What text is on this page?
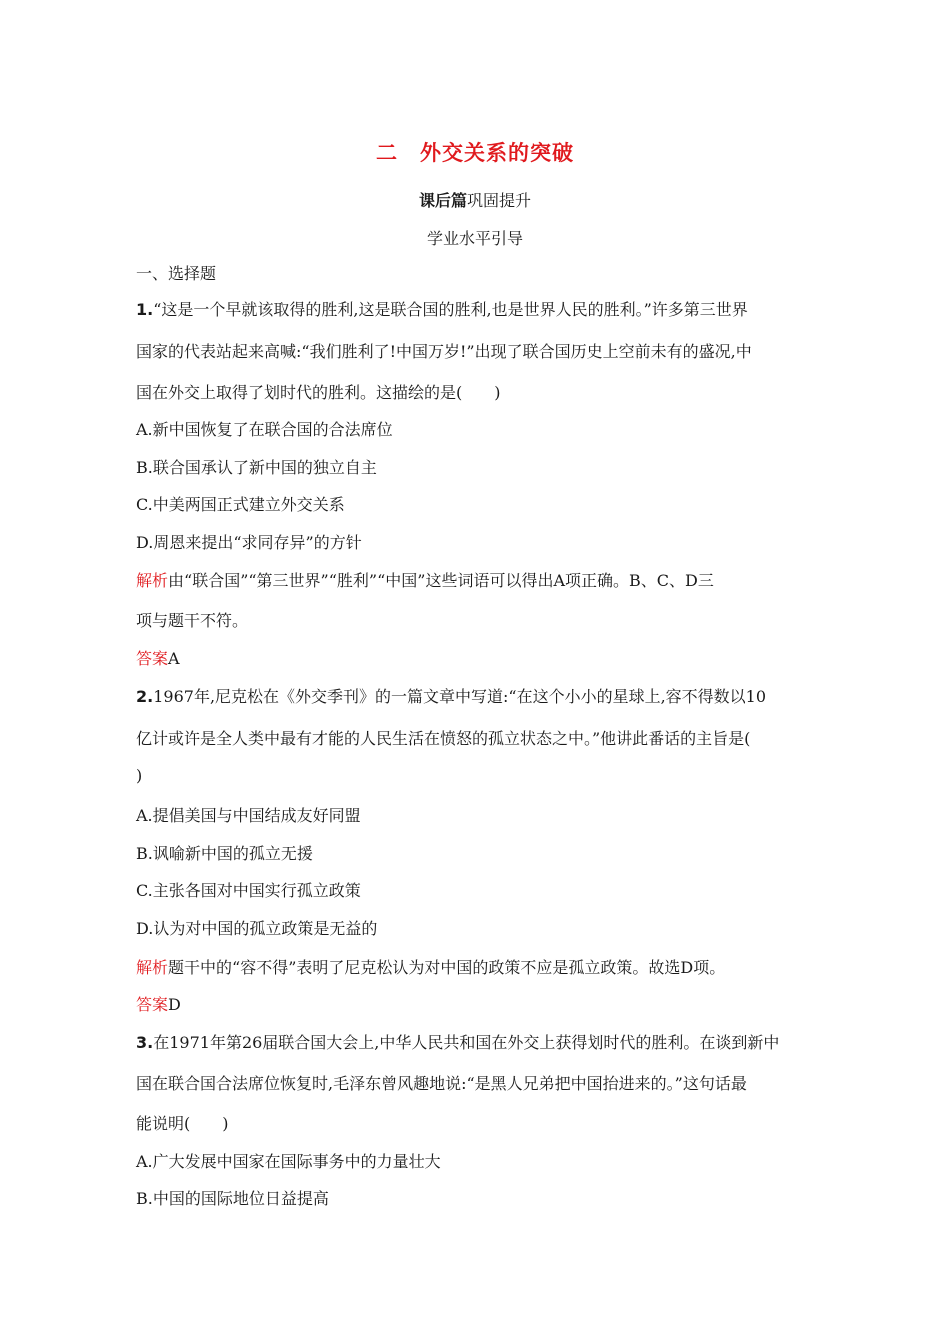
二　外交关系的突破
课后篇巩固提升
学业水平引导
一、选择题
1.“这是一个早就该取得的胜利,这是联合国的胜利,也是世界人民的胜利。”许多第三世界
国家的代表站起来高喊:“我们胜利了!中国万岁!”出现了联合国历史上空前未有的盛况,中
国在外交上取得了划时代的胜利。这描绘的是(　　)
A.新中国恢复了在联合国的合法席位
B.联合国承认了新中国的独立自主
C.中美两国正式建立外交关系
D.周恩来提出“求同存异”的方针
解析由“联合国”“第三世界”“胜利”“中国”这些词语可以得出A项正确。B、C、D三
项与题干不符。
答案A
2.1967年,尼克松在《外交季刊》的一篇文章中写道:“在这个小小的星球上,容不得数以10
亿计或许是全人类中最有才能的人民生活在愤怒的孤立状态之中。”他讲此番话的主旨是(
)
A.提倡美国与中国结成友好同盟
B.讽喻新中国的孤立无援
C.主张各国对中国实行孤立政策
D.认为对中国的孤立政策是无益的
解析题干中的“容不得”表明了尼克松认为对中国的政策不应是孤立政策。故选D项。
答案D
3.在1971年第26届联合国大会上,中华人民共和国在外交上获得划时代的胜利。在谈到新中
国在联合国合法席位恢复时,毛泽东曾风趣地说:“是黑人兄弟把中国抬进来的。”这句话最
能说明(　　)
A.广大发展中国家在国际事务中的力量壮大
B.中国的国际地位日益提高
